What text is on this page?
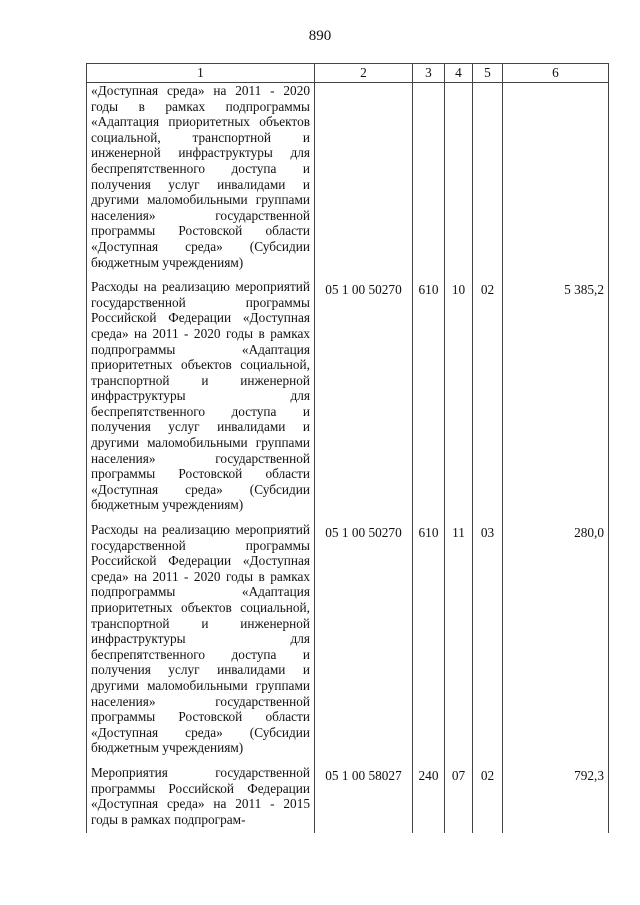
890
1	2	3	4	5	6
«Доступная среда» на 2011 - 2020 годы в рамках подпрограммы «Адаптация приоритетных объектов социальной, транспортной и инженерной инфраструктуры для беспрепятственного доступа и получения услуг инвалидами и другими маломобильными группами населения» государственной программы Ростовской области «Доступная среда» (Субсидии бюджетным учреждениям)					
Расходы на реализацию мероприятий государственной программы Российской Федерации «Доступная среда» на 2011 - 2020 годы в рамках подпрограммы «Адаптация приоритетных объектов социальной, транспортной и инженерной инфраструктуры для беспрепятственного доступа и получения услуг инвалидами и другими маломобильными группами населения» государственной программы Ростовской области «Доступная среда» (Субсидии бюджетным учреждениям)	05 1 00 50270	610	10	02	5 385,2
Расходы на реализацию мероприятий государственной программы Российской Федерации «Доступная среда» на 2011 - 2020 годы в рамках подпрограммы «Адаптация приоритетных объектов социальной, транспортной и инженерной инфраструктуры для беспрепятственного доступа и получения услуг инвалидами и другими маломобильными группами населения» государственной программы Ростовской области «Доступная среда» (Субсидии бюджетным учреждениям)	05 1 00 50270	610	11	03	280,0
Мероприятия государственной программы Российской Федерации «Доступная среда» на 2011 - 2015 годы в рамках подпрограм-	05 1 00 58027	240	07	02	792,3
